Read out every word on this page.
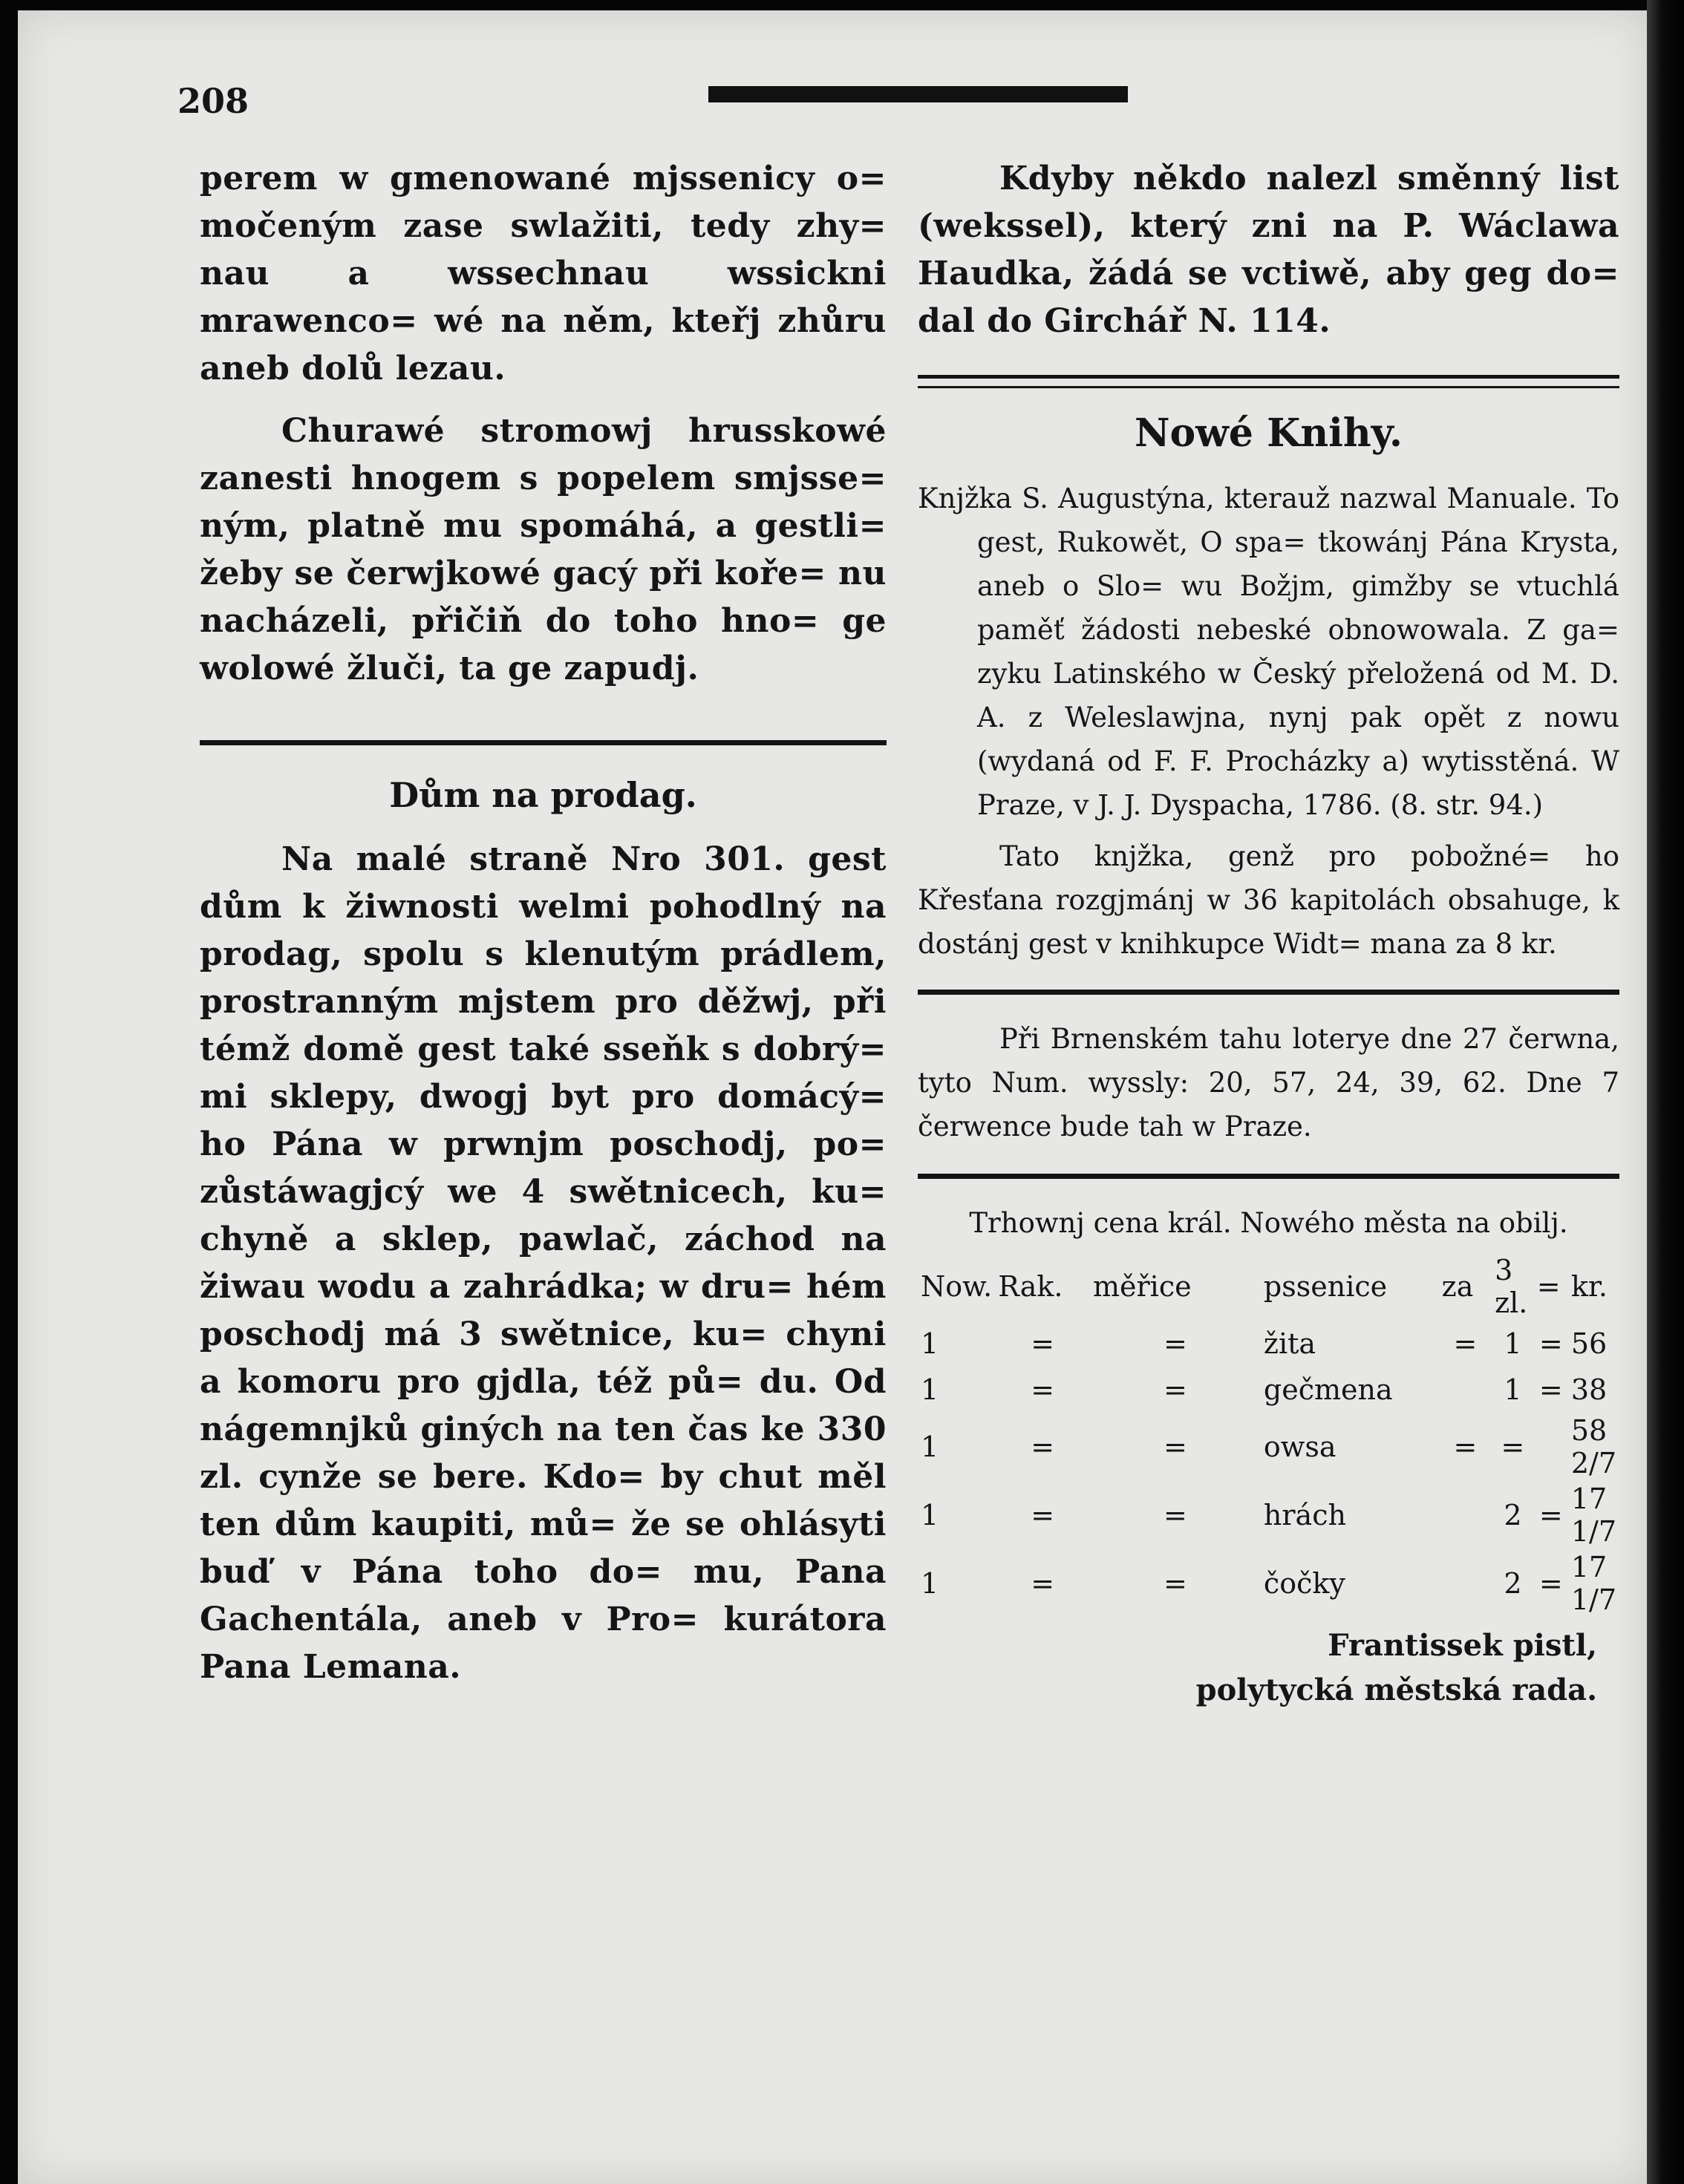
208

perem w gmenowané mjssenicy o= močeným zase swlažiti, tedy zhy= nau a wssechnau wssickni mrawenco= wé na něm, kteřj zhůru aneb dolů lezau.

Churawé stromowj hrusskowé zanesti hnogem s popelem smjsse= ným, platně mu spomáhá, a gestli= žeby se čerwjkowé gacý při koře= nu nacházeli, přičiň do toho hno= ge wolowé žluči, ta ge zapudj.

Dům na prodag.

Na malé straně Nro 301. gest dům k žiwnosti welmi pohodlný na prodag, spolu s klenutým prádlem, prostranným mjstem pro děžwj, při témž domě gest také sseňk s dobrý= mi sklepy, dwogj byt pro domácý= ho Pána w prwnjm poschodj, po= zůstáwagjcý we 4 swětnicech, ku= chyně a sklep, pawlač, záchod na žiwau wodu a zahrádka; w dru= hém poschodj má 3 swětnice, ku= chyni a komoru pro gjdla, též pů= du. Od nágemnjků giných na ten čas ke 330 zl. cynže se bere. Kdo= by chut měl ten dům kaupiti, mů= že se ohlásyti buď v Pána toho do= mu, Pana Gachentála, aneb v Pro= kurátora Pana Lemana.

Kdyby někdo nalezl směnný list (wekssel), který zni na P. Wáclawa Haudka, žádá se vctiwě, aby geg do= dal do Girchář N. 114.

Nowé Knihy.

Knjžka S. Augustýna, kterauž nazwal Manuale. To gest, Rukowět, O spa= tkowánj Pána Krysta, aneb o Slo= wu Božjm, gimžby se vtuchlá paměť žádosti nebeské obnowowala. Z ga= zyku Latinského w Český přeložená od M. D. A. z Weleslawjna, nynj pak opět z nowu (wydaná od F. F. Procházky a) wytisstěná. W Praze, v J. J. Dyspacha, 1786. (8. str. 94.)

Tato knjžka, genž pro pobožné= ho Křesťana rozgjmánj w 36 kapitolách obsahuge, k dostánj gest v knihkupce Widt= mana za 8 kr.

Při Brnenském tahu loterye dne 27 čerwna, tyto Num. wyssly: 20, 57, 24, 39, 62. Dne 7 čerwence bude tah w Praze.

Trhownj cena král. Nowého města na obilj.

Now.	Rak.	měřice	pssenice	za	3 zl.	=	kr.
1	=	=	žita	=	1	=	56
1	=	=	gečmena		1	=	38
1	=	=	owsa	=	=		58 2/7
1	=	=	hrách		2	=	17 1/7
1	=	=	čočky		2	=	17 1/7
Frantissek pistl,
polytycká městská rada.
